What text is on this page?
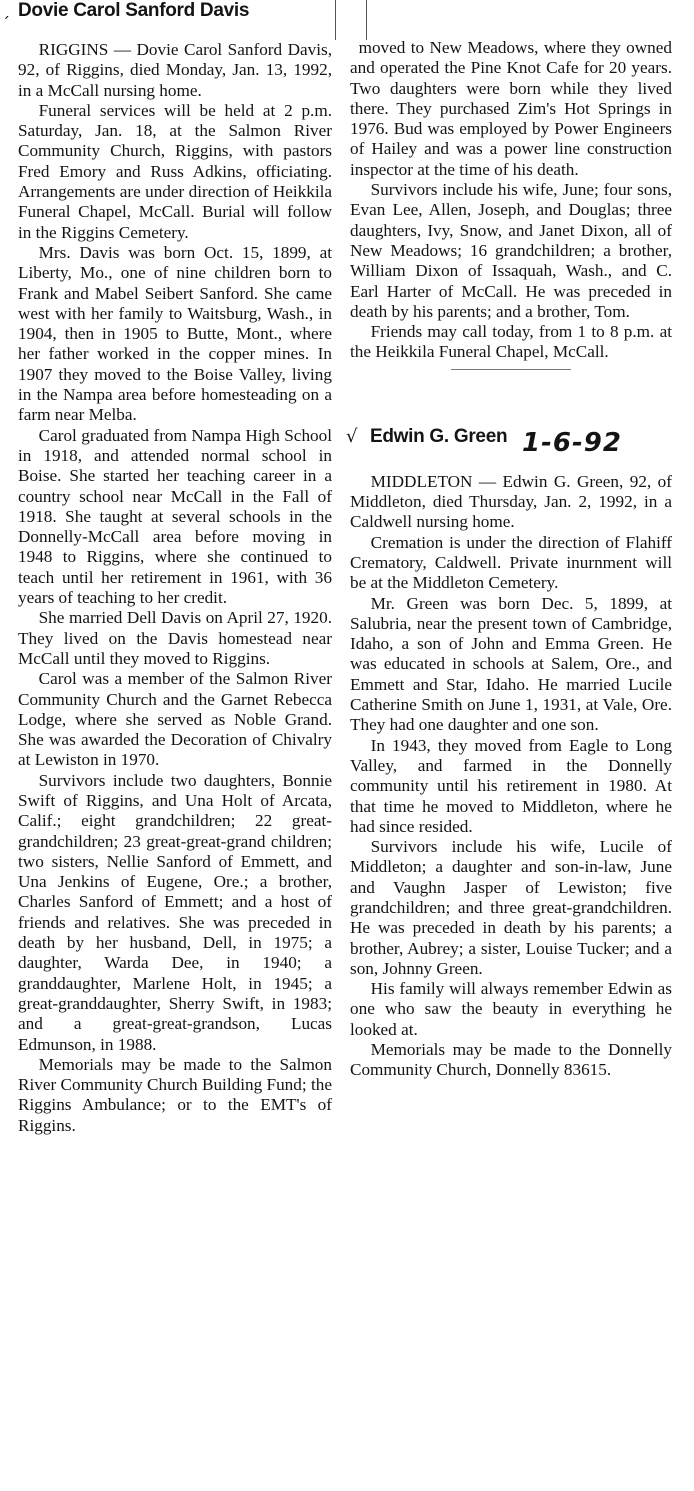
ˏ Dovie Carol Sanford Davis

RIGGINS — Dovie Carol Sanford Davis, 92, of Riggins, died Monday, Jan. 13, 1992, in a McCall nursing home.

Funeral services will be held at 2 p.m. Saturday, Jan. 18, at the Salmon River Community Church, Riggins, with pastors Fred Emory and Russ Adkins, officiating. Arrangements are under direction of Heikkila Funeral Chapel, McCall. Burial will follow in the Riggins Cemetery.

Mrs. Davis was born Oct. 15, 1899, at Liberty, Mo., one of nine children born to Frank and Mabel Seibert Sanford. She came west with her family to Waitsburg, Wash., in 1904, then in 1905 to Butte, Mont., where her father worked in the copper mines. In 1907 they moved to the Boise Valley, living in the Nampa area before homesteading on a farm near Melba.

Carol graduated from Nampa High School in 1918, and attended normal school in Boise. She started her teaching career in a country school near McCall in the Fall of 1918. She taught at several schools in the Donnelly-McCall area before moving in 1948 to Riggins, where she continued to teach until her retirement in 1961, with 36 years of teaching to her credit.

She married Dell Davis on April 27, 1920. They lived on the Davis homestead near McCall until they moved to Riggins.

Carol was a member of the Salmon River Community Church and the Garnet Rebecca Lodge, where she served as Noble Grand. She was awarded the Decoration of Chivalry at Lewiston in 1970.

Survivors include two daughters, Bonnie Swift of Riggins, and Una Holt of Arcata, Calif.; eight grandchildren; 22 great-grandchildren; 23 great-great-grand children; two sisters, Nellie Sanford of Emmett, and Una Jenkins of Eugene, Ore.; a brother, Charles Sanford of Emmett; and a host of friends and relatives. She was preceded in death by her husband, Dell, in 1975; a daughter, Warda Dee, in 1940; a granddaughter, Marlene Holt, in 1945; a great-granddaughter, Sherry Swift, in 1983; and a great-great-grandson, Lucas Edmunson, in 1988.

Memorials may be made to the Salmon River Community Church Building Fund; the Riggins Ambulance; or to the EMT's of Riggins.

moved to New Meadows, where they owned and operated the Pine Knot Cafe for 20 years. Two daughters were born while they lived there. They purchased Zim's Hot Springs in 1976. Bud was employed by Power Engineers of Hailey and was a power line construction inspector at the time of his death.

Survivors include his wife, June; four sons, Evan Lee, Allen, Joseph, and Douglas; three daughters, Ivy, Snow, and Janet Dixon, all of New Meadows; 16 grandchildren; a brother, William Dixon of Issaquah, Wash., and C. Earl Harter of McCall. He was preceded in death by his parents; and a brother, Tom.

Friends may call today, from 1 to 8 p.m. at the Heikkila Funeral Chapel, McCall.

√ Edwin G. Green 1-6-92

MIDDLETON — Edwin G. Green, 92, of Middleton, died Thursday, Jan. 2, 1992, in a Caldwell nursing home.

Cremation is under the direction of Flahiff Crematory, Caldwell. Private inurnment will be at the Middleton Cemetery.

Mr. Green was born Dec. 5, 1899, at Salubria, near the present town of Cambridge, Idaho, a son of John and Emma Green. He was educated in schools at Salem, Ore., and Emmett and Star, Idaho. He married Lucile Catherine Smith on June 1, 1931, at Vale, Ore. They had one daughter and one son.

In 1943, they moved from Eagle to Long Valley, and farmed in the Donnelly community until his retirement in 1980. At that time he moved to Middleton, where he had since resided.

Survivors include his wife, Lucile of Middleton; a daughter and son-in-law, June and Vaughn Jasper of Lewiston; five grandchildren; and three great-grandchildren. He was preceded in death by his parents; a brother, Aubrey; a sister, Louise Tucker; and a son, Johnny Green.

His family will always remember Edwin as one who saw the beauty in everything he looked at.

Memorials may be made to the Donnelly Community Church, Donnelly 83615.
